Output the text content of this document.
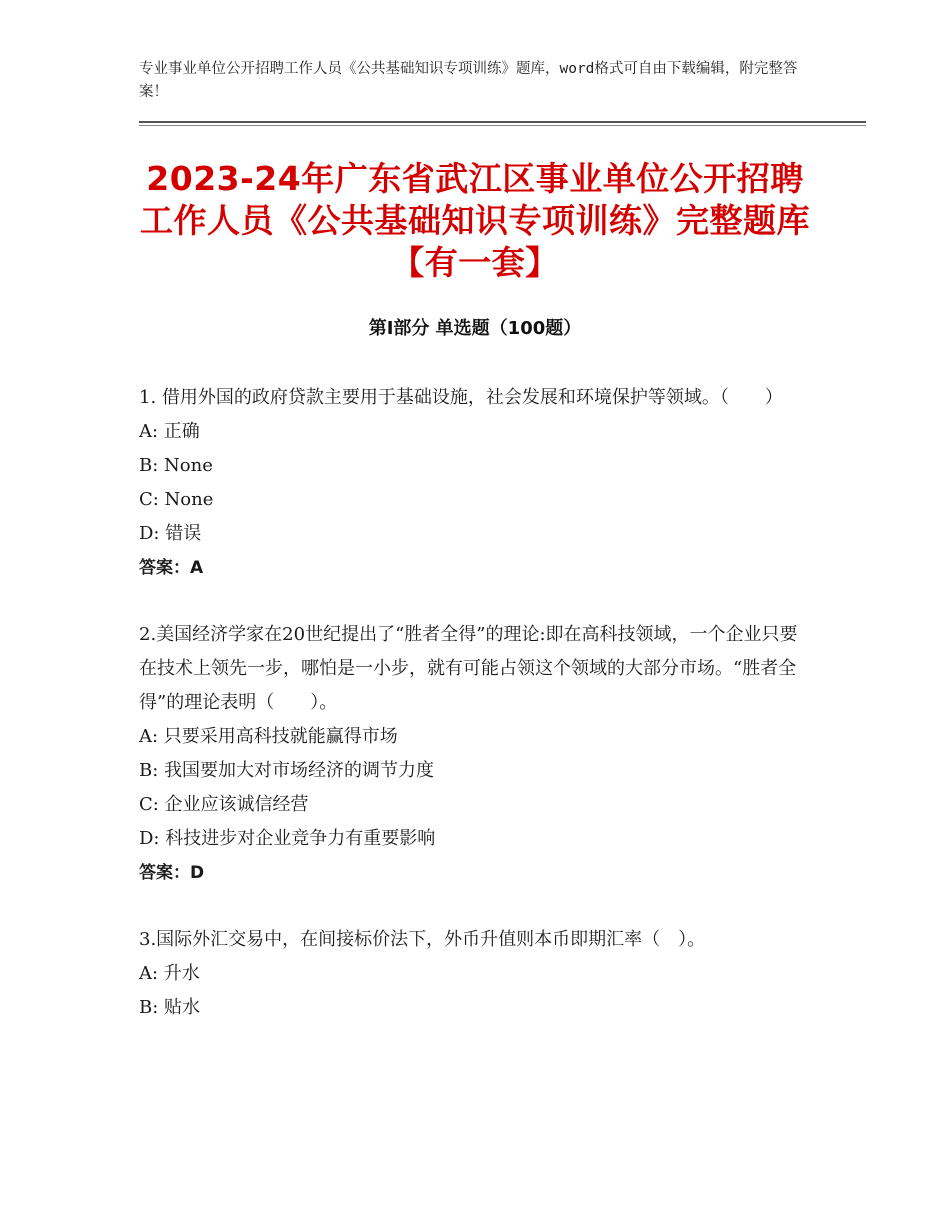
专业事业单位公开招聘工作人员《公共基础知识专项训练》题库，word格式可自由下载编辑，附完整答案！
2023-24年广东省武江区事业单位公开招聘工作人员《公共基础知识专项训练》完整题库【有一套】
第Ⅰ部分 单选题（100题）

1. 借用外国的政府贷款主要用于基础设施，社会发展和环境保护等领域。（　　）

A: 正确

B: None

C: None

D: 错误

答案：A

2.美国经济学家在20世纪提出了“胜者全得”的理论:即在高科技领域，一个企业只要在技术上领先一步，哪怕是一小步，就有可能占领这个领域的大部分市场。“胜者全得”的理论表明（　　）。

A: 只要采用高科技就能赢得市场

B: 我国要加大对市场经济的调节力度

C: 企业应该诚信经营

D: 科技进步对企业竞争力有重要影响

答案：D

3.国际外汇交易中，在间接标价法下，外币升值则本币即期汇率（　）。

A: 升水

B: 贴水
